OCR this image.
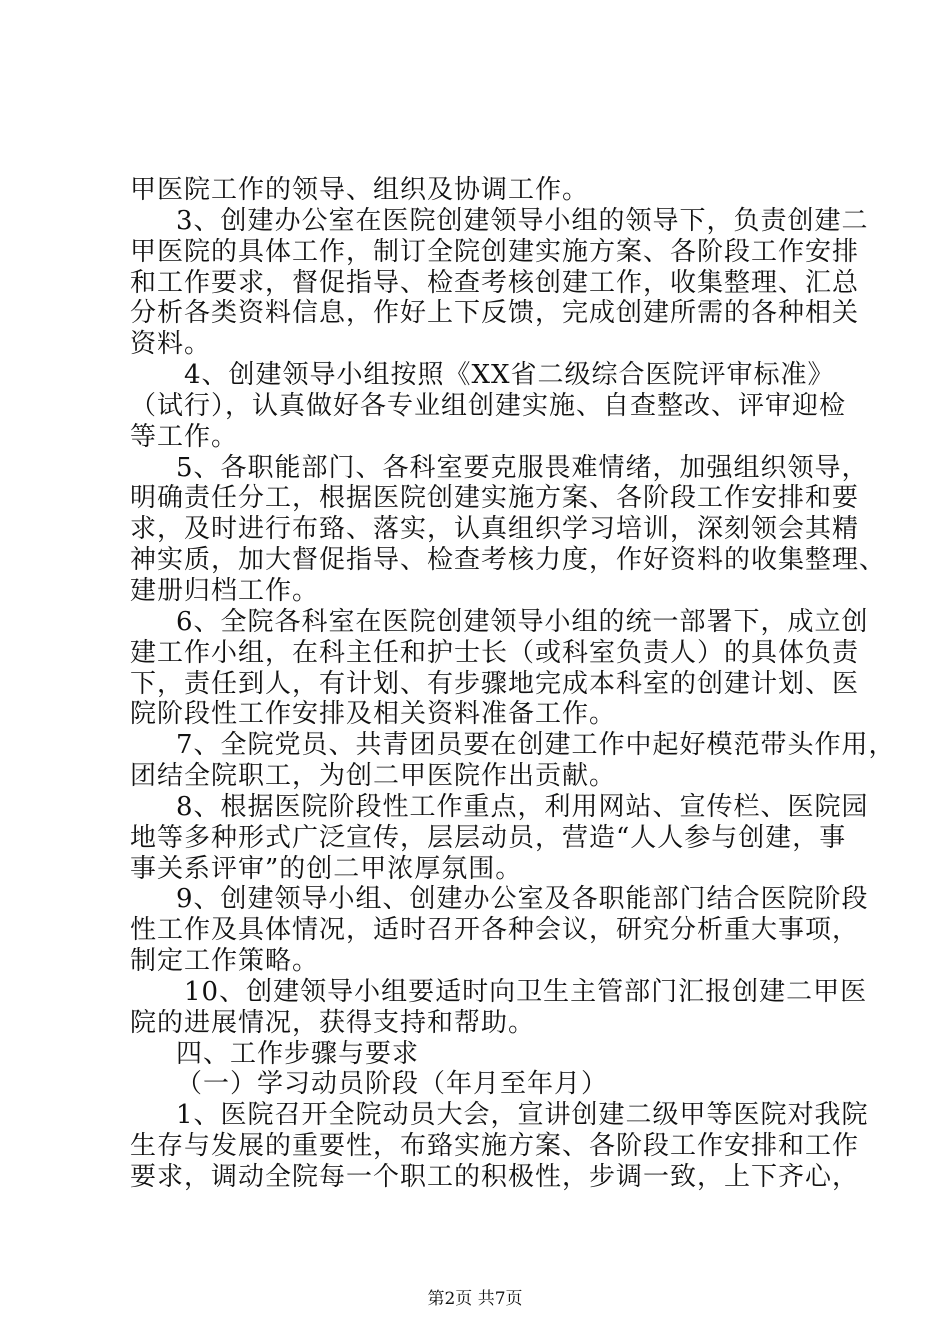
甲医院工作的领导、组织及协调工作。
3、创建办公室在医院创建领导小组的领导下，负责创建二
甲医院的具体工作，制订全院创建实施方案、各阶段工作安排
和工作要求，督促指导、检查考核创建工作，收集整理、汇总
分析各类资料信息，作好上下反馈，完成创建所需的各种相关
资料。
4、创建领导小组按照《XX省二级综合医院评审标准》
（试行），认真做好各专业组创建实施、自查整改、评审迎检
等工作。
5、各职能部门、各科室要克服畏难情绪，加强组织领导，
明确责任分工，根据医院创建实施方案、各阶段工作安排和要
求，及时进行布臵、落实，认真组织学习培训，深刻领会其精
神实质，加大督促指导、检查考核力度，作好资料的收集整理、
建册归档工作。
6、全院各科室在医院创建领导小组的统一部署下，成立创
建工作小组，在科主任和护士长（或科室负责人）的具体负责
下，责任到人，有计划、有步骤地完成本科室的创建计划、医
院阶段性工作安排及相关资料准备工作。
7、全院党员、共青团员要在创建工作中起好模范带头作用，
团结全院职工，为创二甲医院作出贡献。
8、根据医院阶段性工作重点，利用网站、宣传栏、医院园
地等多种形式广泛宣传，层层动员，营造“人人参与创建，事
事关系评审”的创二甲浓厚氛围。
9、创建领导小组、创建办公室及各职能部门结合医院阶段
性工作及具体情况，适时召开各种会议，研究分析重大事项，
制定工作策略。
10、创建领导小组要适时向卫生主管部门汇报创建二甲医
院的进展情况，获得支持和帮助。
四、工作步骤与要求
（一）学习动员阶段（年月至年月）
1、医院召开全院动员大会，宣讲创建二级甲等医院对我院
生存与发展的重要性，布臵实施方案、各阶段工作安排和工作
要求，调动全院每一个职工的积极性，步调一致，上下齐心，
第2页 共7页
